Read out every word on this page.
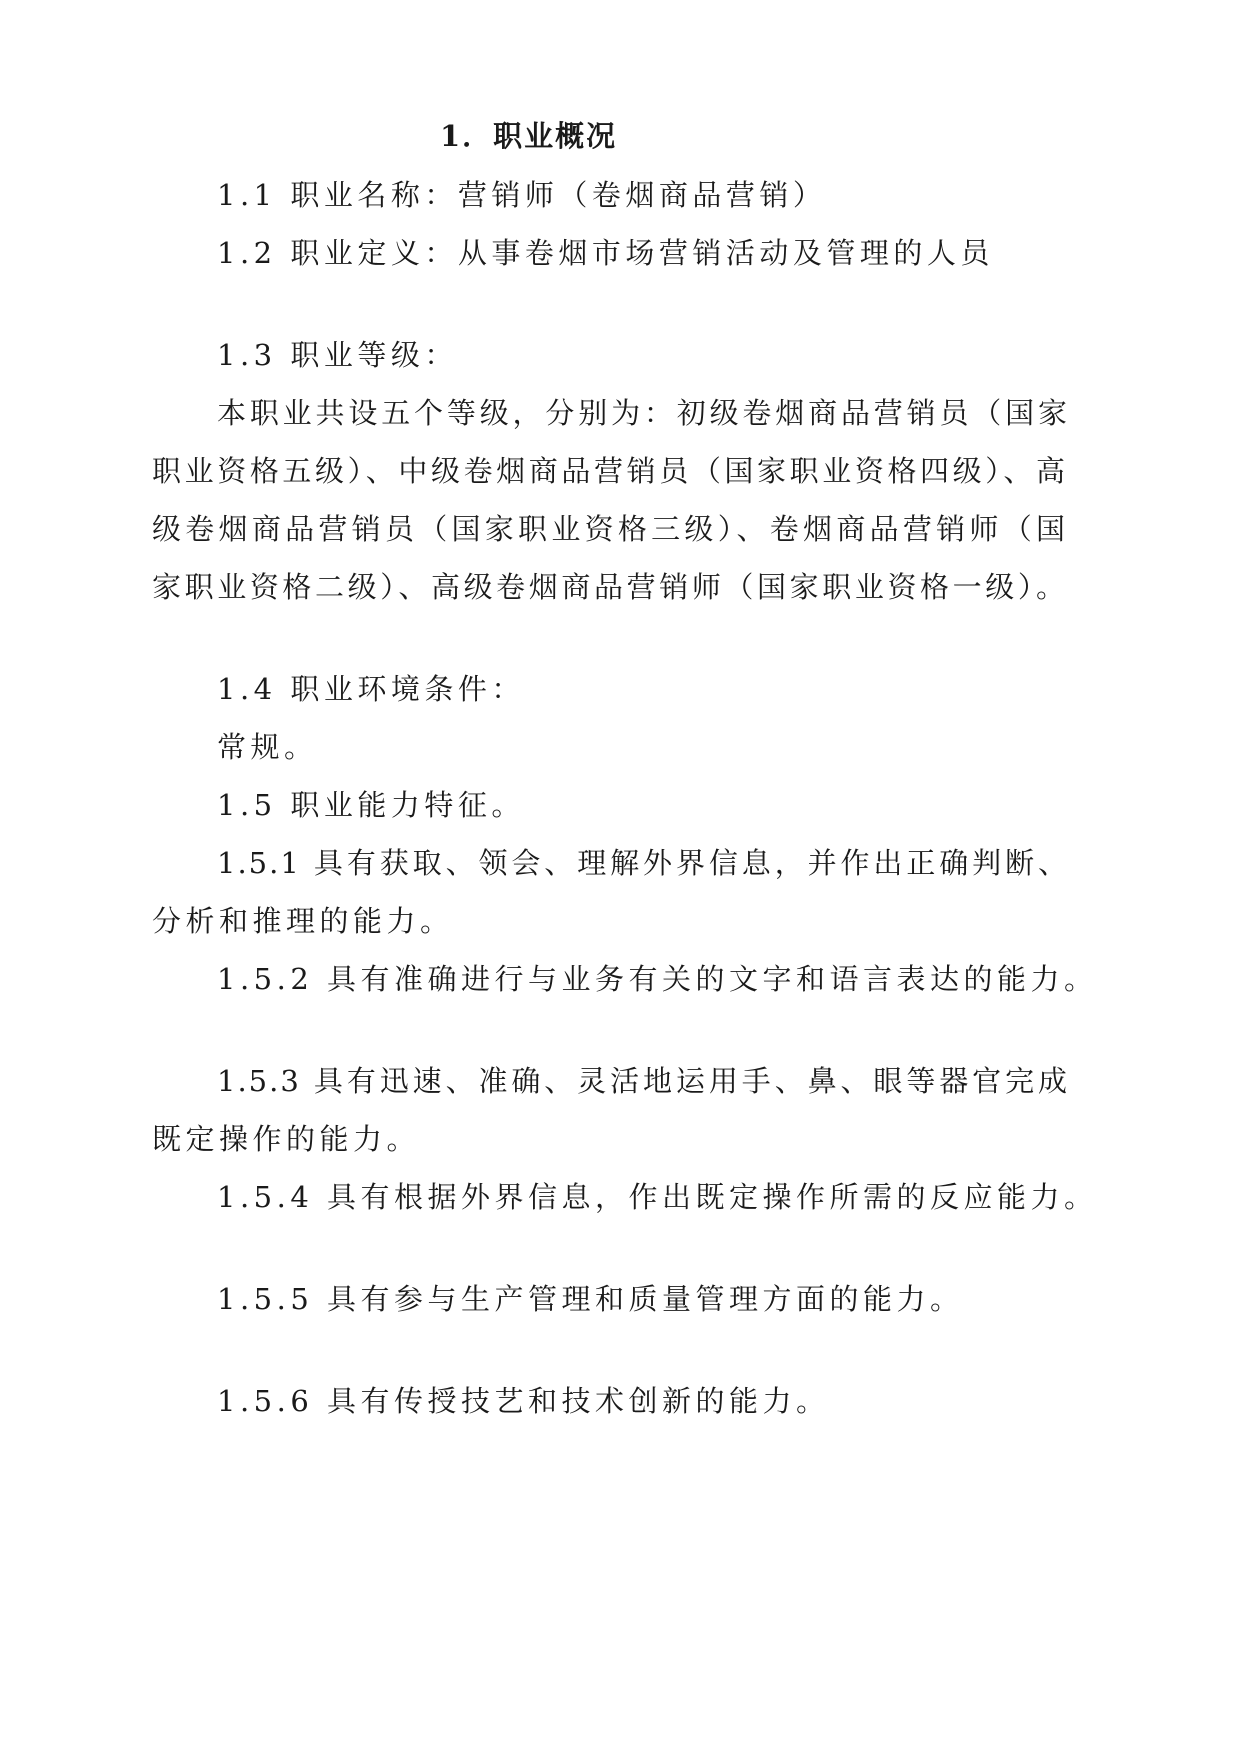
1．职业概况
1.1 职业名称：营销师（卷烟商品营销）
1.2 职业定义：从事卷烟市场营销活动及管理的人员
1.3 职业等级：
本职业共设五个等级，分别为：初级卷烟商品营销员（国家
职业资格五级）、中级卷烟商品营销员（国家职业资格四级）、高
级卷烟商品营销员（国家职业资格三级）、卷烟商品营销师（国
家职业资格二级）、高级卷烟商品营销师（国家职业资格一级）。
1.4 职业环境条件：
常规。
1.5 职业能力特征。
1.5.1 具有获取、领会、理解外界信息，并作出正确判断、
分析和推理的能力。
1.5.2 具有准确进行与业务有关的文字和语言表达的能力。
1.5.3 具有迅速、准确、灵活地运用手、鼻、眼等器官完成
既定操作的能力。
1.5.4 具有根据外界信息，作出既定操作所需的反应能力。
1.5.5 具有参与生产管理和质量管理方面的能力。
1.5.6 具有传授技艺和技术创新的能力。
